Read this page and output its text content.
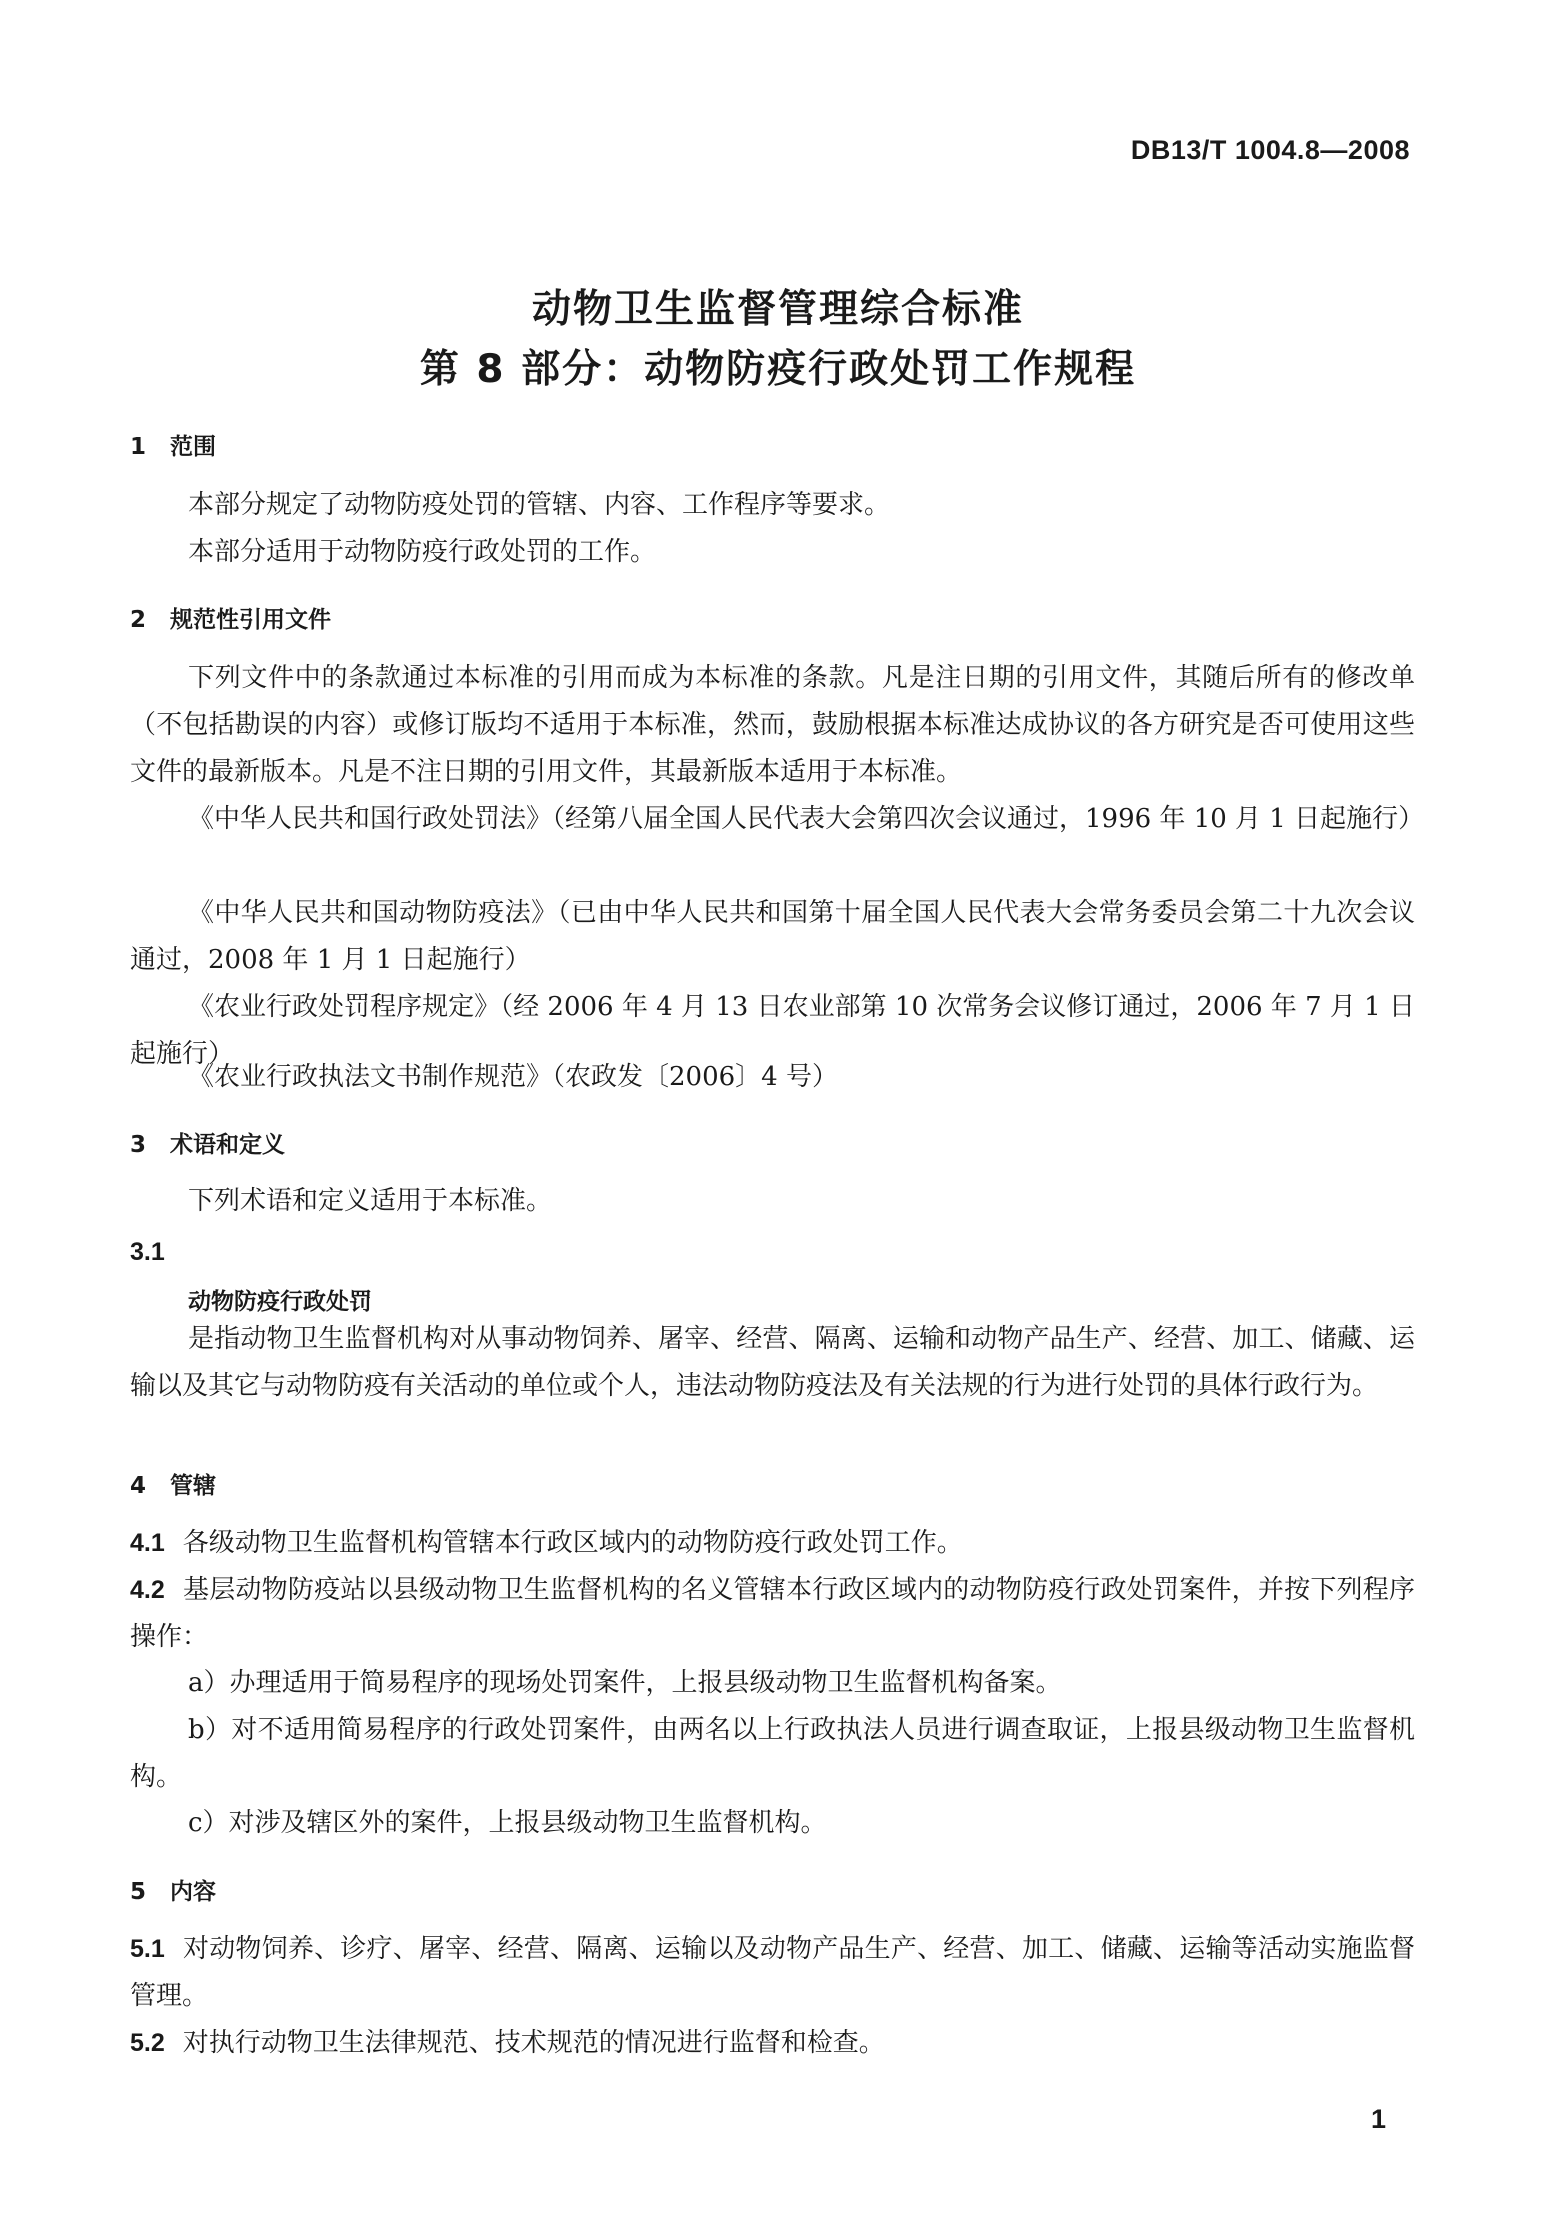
DB13/T 1004.8—2008
动物卫生监督管理综合标准
第 8 部分：动物防疫行政处罚工作规程
1 范围
本部分规定了动物防疫处罚的管辖、内容、工作程序等要求。
本部分适用于动物防疫行政处罚的工作。
2 规范性引用文件
下列文件中的条款通过本标准的引用而成为本标准的条款。凡是注日期的引用文件，其随后所有的修改单（不包括勘误的内容）或修订版均不适用于本标准，然而，鼓励根据本标准达成协议的各方研究是否可使用这些文件的最新版本。凡是不注日期的引用文件，其最新版本适用于本标准。
《中华人民共和国行政处罚法》（经第八届全国人民代表大会第四次会议通过，1996 年 10 月 1 日起施行）
《中华人民共和国动物防疫法》（已由中华人民共和国第十届全国人民代表大会常务委员会第二十九次会议通过，2008 年 1 月 1 日起施行）
《农业行政处罚程序规定》（经 2006 年 4 月 13 日农业部第 10 次常务会议修订通过，2006 年 7 月 1 日起施行）
《农业行政执法文书制作规范》（农政发〔2006〕4 号）
3 术语和定义
下列术语和定义适用于本标准。
3.1
动物防疫行政处罚
是指动物卫生监督机构对从事动物饲养、屠宰、经营、隔离、运输和动物产品生产、经营、加工、储藏、运输以及其它与动物防疫有关活动的单位或个人，违法动物防疫法及有关法规的行为进行处罚的具体行政行为。
4 管辖
4.1 各级动物卫生监督机构管辖本行政区域内的动物防疫行政处罚工作。
4.2 基层动物防疫站以县级动物卫生监督机构的名义管辖本行政区域内的动物防疫行政处罚案件，并按下列程序操作：
a）办理适用于简易程序的现场处罚案件，上报县级动物卫生监督机构备案。
b）对不适用简易程序的行政处罚案件，由两名以上行政执法人员进行调查取证，上报县级动物卫生监督机构。
c）对涉及辖区外的案件，上报县级动物卫生监督机构。
5 内容
5.1 对动物饲养、诊疗、屠宰、经营、隔离、运输以及动物产品生产、经营、加工、储藏、运输等活动实施监督管理。
5.2 对执行动物卫生法律规范、技术规范的情况进行监督和检查。
1
